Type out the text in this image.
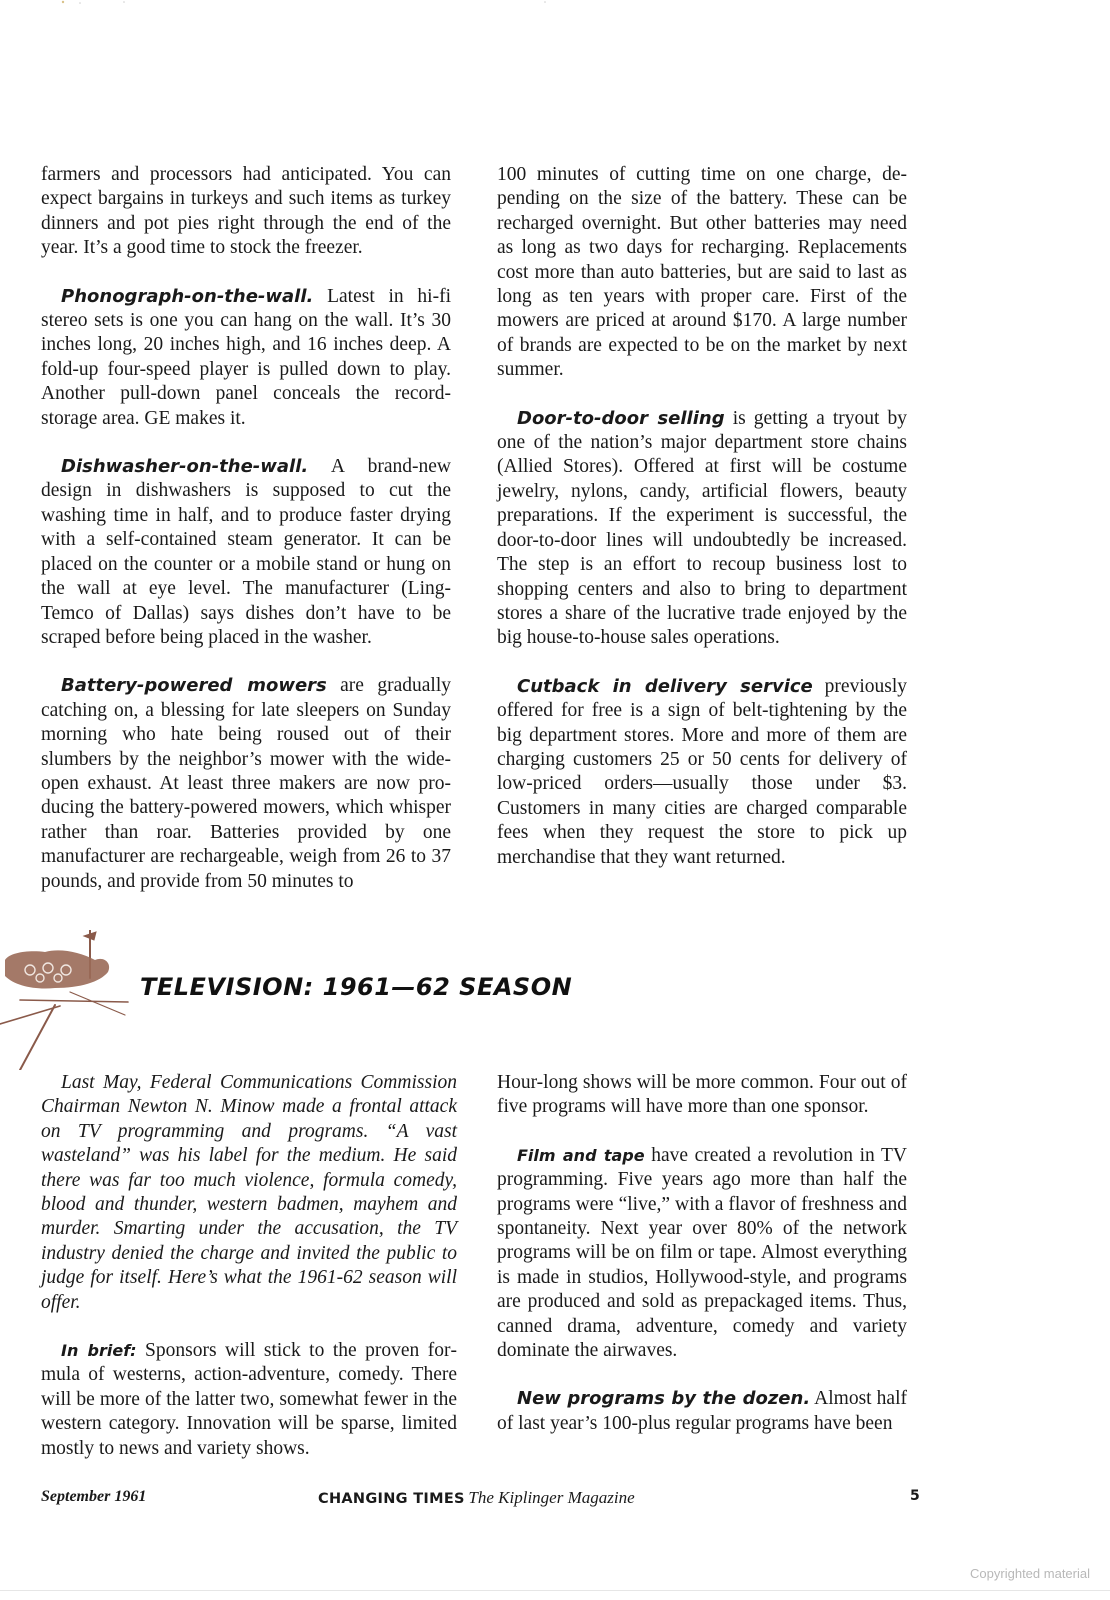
farmers and processors had anticipated. You can expect bargains in turkeys and such items as turkey dinners and pot pies right through the end of the year. It’s a good time to stock the freezer.

Phonograph-on-the-wall. Latest in hi-fi stereo sets is one you can hang on the wall. It’s 30 inches long, 20 inches high, and 16 inches deep. A fold-up four-speed player is pulled down to play. Another pull-down panel conceals the record-storage area. GE makes it.

Dishwasher-on-the-wall. A brand-new design in dishwashers is supposed to cut the washing time in half, and to produce faster drying with a self-contained steam generator. It can be placed on the counter or a mobile stand or hung on the wall at eye level. The manufacturer (Ling-Temco of Dallas) says dishes don’t have to be scraped before being placed in the washer.

Battery-powered mowers are gradually catching on, a blessing for late sleepers on Sunday morning who hate being roused out of their slumbers by the neighbor’s mower with the wide-open exhaust. At least three makers are now producing the battery-powered mowers, which whisper rather than roar. Batteries provided by one manufacturer are rechargeable, weigh from 26 to 37 pounds, and provide from 50 minutes to

100 minutes of cutting time on one charge, depending on the size of the battery. These can be recharged overnight. But other batteries may need as long as two days for recharging. Replacements cost more than auto batteries, but are said to last as long as ten years with proper care. First of the mowers are priced at around $170. A large number of brands are expected to be on the market by next summer.

Door-to-door selling is getting a tryout by one of the nation’s major department store chains (Allied Stores). Offered at first will be costume jewelry, nylons, candy, artificial flowers, beauty preparations. If the experiment is successful, the door-to-door lines will undoubtedly be increased. The step is an effort to recoup business lost to shopping centers and also to bring to department stores a share of the lucrative trade enjoyed by the big house-to-house sales operations.

Cutback in delivery service previously offered for free is a sign of belt-tightening by the big department stores. More and more of them are charging customers 25 or 50 cents for delivery of low-priced orders—usually those under $3. Customers in many cities are charged comparable fees when they request the store to pick up merchandise that they want returned.

TELEVISION: 1961—62 SEASON

Last May, Federal Communications Commission Chairman Newton N. Minow made a frontal attack on TV programming and programs. “A vast wasteland” was his label for the medium. He said there was far too much violence, formula comedy, blood and thunder, western badmen, mayhem and murder. Smarting under the accusation, the TV industry denied the charge and invited the public to judge for itself. Here’s what the 1961-62 season will offer.

In brief: Sponsors will stick to the proven formula of westerns, action-adventure, comedy. There will be more of the latter two, somewhat fewer in the western category. Innovation will be sparse, limited mostly to news and variety shows.

Hour-long shows will be more common. Four out of five programs will have more than one sponsor.

Film and tape have created a revolution in TV programming. Five years ago more than half the programs were “live,” with a flavor of freshness and spontaneity. Next year over 80% of the network programs will be on film or tape. Almost everything is made in studios, Hollywood-style, and programs are produced and sold as prepackaged items. Thus, canned drama, adventure, comedy and variety dominate the airwaves.

New programs by the dozen. Almost half of last year’s 100-plus regular programs have been

September 1961	CHANGING TIMES The Kiplinger Magazine	5
Copyrighted material
